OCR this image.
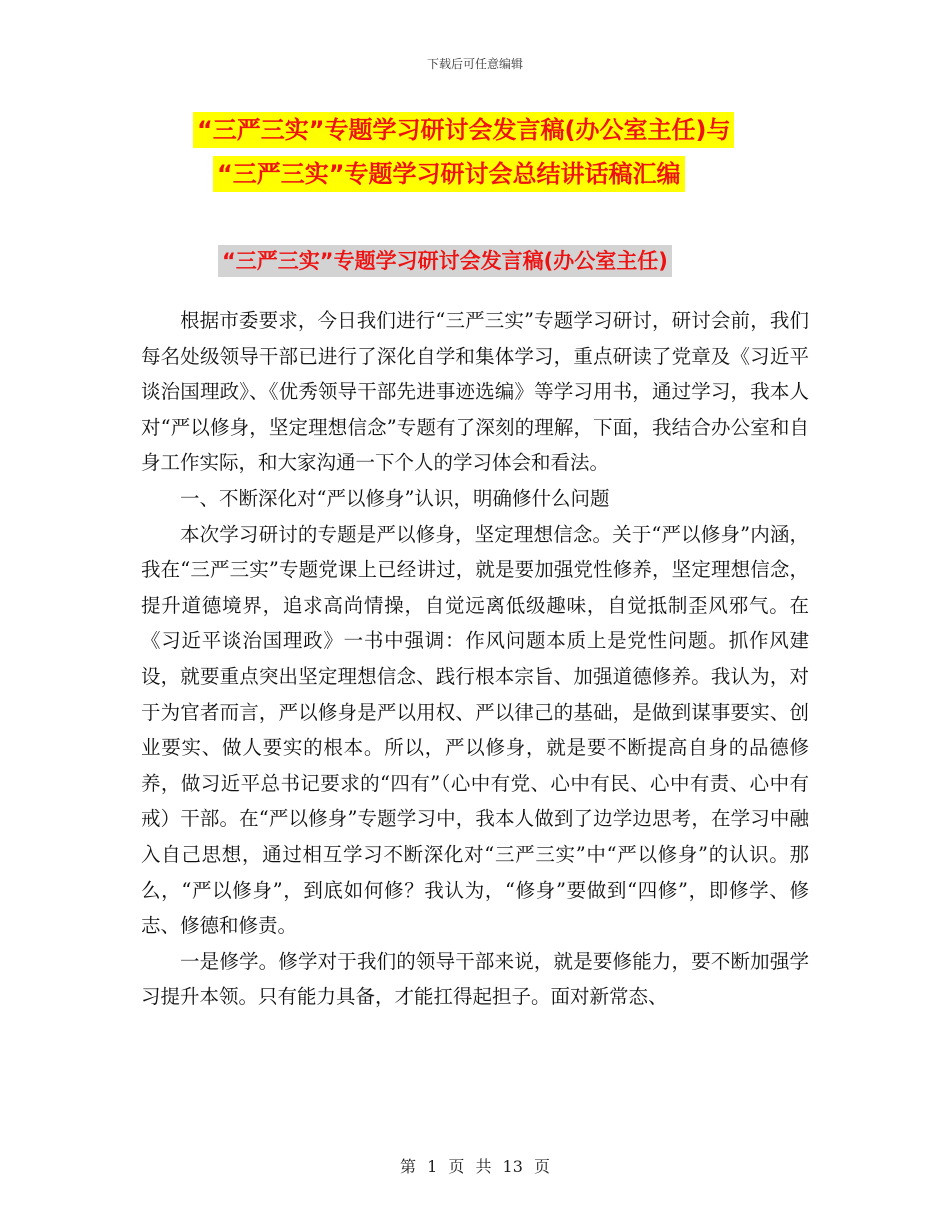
下载后可任意编辑
“三严三实”专题学习研讨会发言稿(办公室主任)与
“三严三实”专题学习研讨会总结讲话稿汇编
“三严三实”专题学习研讨会发言稿(办公室主任)

根据市委要求，今日我们进行“三严三实”专题学习研讨，研讨会前，我们每名处级领导干部已进行了深化自学和集体学习，重点研读了党章及《习近平谈治国理政》、《优秀领导干部先进事迹选编》等学习用书，通过学习，我本人对“严以修身，坚定理想信念”专题有了深刻的理解，下面，我结合办公室和自身工作实际，和大家沟通一下个人的学习体会和看法。

一、不断深化对“严以修身”认识，明确修什么问题

本次学习研讨的专题是严以修身，坚定理想信念。关于“严以修身”内涵，我在“三严三实”专题党课上已经讲过，就是要加强党性修养，坚定理想信念，提升道德境界，追求高尚情操，自觉远离低级趣味，自觉抵制歪风邪气。在《习近平谈治国理政》一书中强调：作风问题本质上是党性问题。抓作风建设，就要重点突出坚定理想信念、践行根本宗旨、加强道德修养。我认为，对于为官者而言，严以修身是严以用权、严以律己的基础，是做到谋事要实、创业要实、做人要实的根本。所以，严以修身，就是要不断提高自身的品德修养，做习近平总书记要求的“四有”（心中有党、心中有民、心中有责、心中有戒）干部。在“严以修身”专题学习中，我本人做到了边学边思考，在学习中融入自己思想，通过相互学习不断深化对“三严三实”中“严以修身”的认识。那么，“严以修身”，到底如何修？我认为，“修身”要做到“四修”，即修学、修志、修德和修责。

一是修学。修学对于我们的领导干部来说，就是要修能力，要不断加强学习提升本领。只有能力具备，才能扛得起担子。面对新常态、

第 1 页 共 13 页
